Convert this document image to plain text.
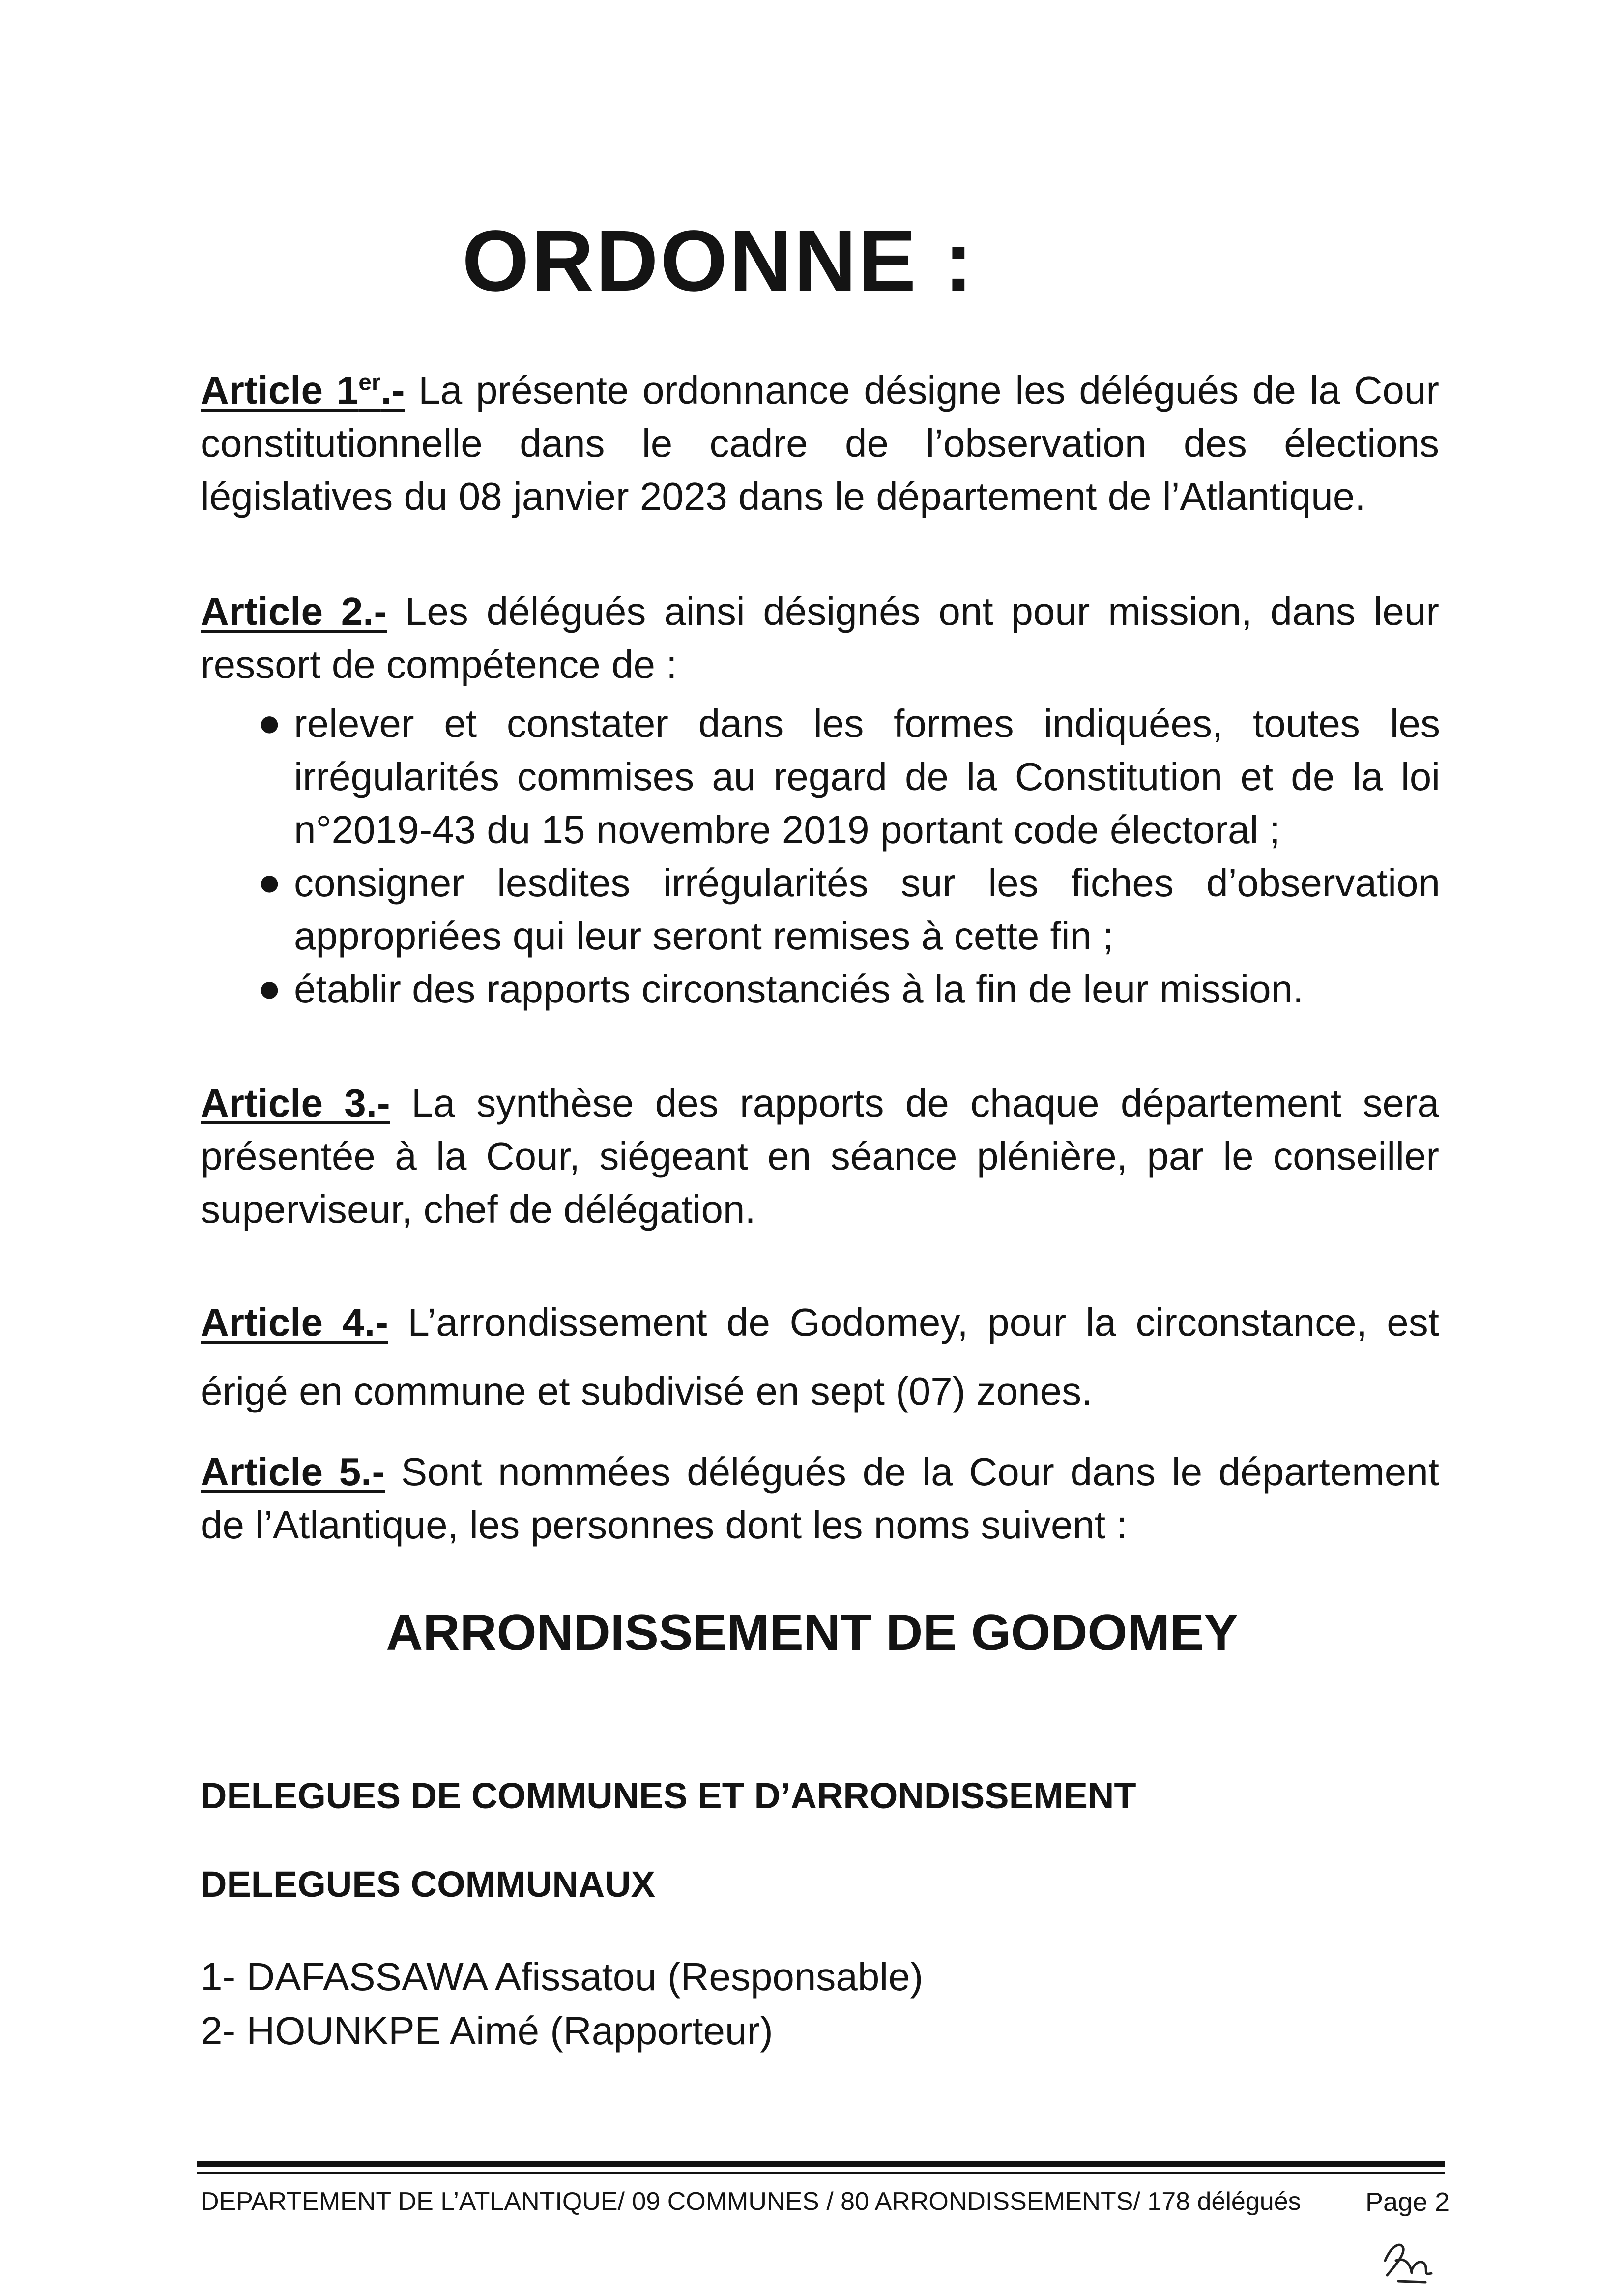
ORDONNE :

Article 1er.- La présente ordonnance désigne les délégués de la Cour constitutionnelle dans le cadre de l’observation des élections législatives du 08 janvier 2023 dans le département de l’Atlantique.

Article 2.- Les délégués ainsi désignés ont pour mission, dans leur ressort de compétence de :

● relever et constater dans les formes indiquées, toutes les irrégularités commises au regard de la Constitution et de la loi n°2019-43 du 15 novembre 2019 portant code électoral ;
● consigner lesdites irrégularités sur les fiches d’observation appropriées qui leur seront remises à cette fin ;
● établir des rapports circonstanciés à la fin de leur mission.

Article 3.- La synthèse des rapports de chaque département sera présentée à la Cour, siégeant en séance plénière, par le conseiller superviseur, chef de délégation.

Article 4.- L’arrondissement de Godomey, pour la circonstance, est érigé en commune et subdivisé en sept (07) zones.

Article 5.- Sont nommées délégués de la Cour dans le département de l’Atlantique, les personnes dont les noms suivent :

ARRONDISSEMENT DE GODOMEY
DELEGUES DE COMMUNES ET D’ARRONDISSEMENT
DELEGUES COMMUNAUX

1- DAFASSAWA Afissatou (Responsable)

2- HOUNKPE Aimé (Rapporteur)

DEPARTEMENT DE L’ATLANTIQUE/ 09 COMMUNES / 80 ARRONDISSEMENTS/ 178 délégués Page 2
